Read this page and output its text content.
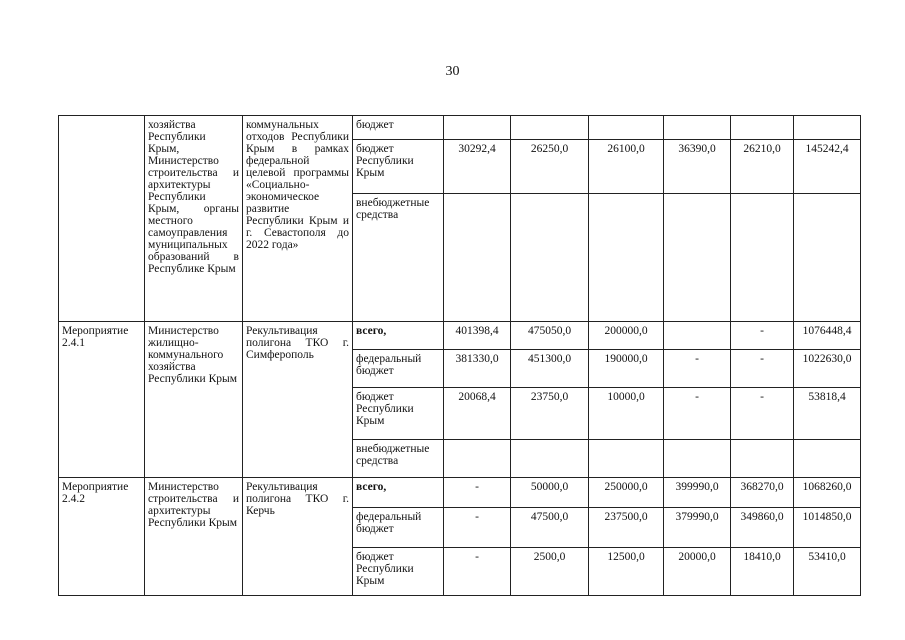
30
	хозяйства Республики Крым, Министерство строительства и архитектуры Республики Крым, органы местного самоуправления муниципальных образований в Республике Крым	коммунальных отходов Республики Крым в рамках федеральной целевой программы «Социально-экономическое развитие Республики Крым и г. Севастополя до 2022 года»	бюджет						
			бюджет Республики Крым	30292,4	26250,0	26100,0	36390,0	26210,0	145242,4
			внебюджетные средства						
Мероприятие 2.4.1	Министерство жилищно-коммунального хозяйства Республики Крым	Рекультивация полигона ТКО г. Симферополь	всего,	401398,4	475050,0	200000,0		-	1076448,4
			федеральный бюджет	381330,0	451300,0	190000,0	-	-	1022630,0
			бюджет Республики Крым	20068,4	23750,0	10000,0	-	-	53818,4
			внебюджетные средства						
Мероприятие 2.4.2	Министерство строительства и архитектуры Республики Крым	Рекультивация полигона ТКО г. Керчь	всего,	-	50000,0	250000,0	399990,0	368270,0	1068260,0
			федеральный бюджет	-	47500,0	237500,0	379990,0	349860,0	1014850,0
			бюджет Республики Крым	-	2500,0	12500,0	20000,0	18410,0	53410,0
